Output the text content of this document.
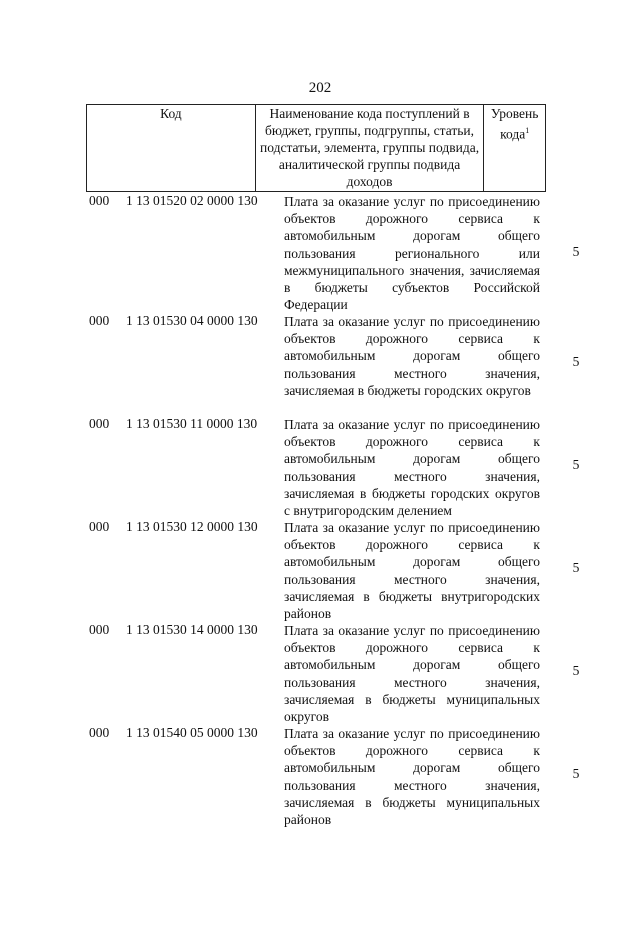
202
Код	Наименование кода поступлений в бюджет, группы, подгруппы, статьи, подстатьи, элемента, группы подвида, аналитической группы подвида доходов	Уровень кода$^1$
000 1 13 01520 02 0000 130 Плата за оказание услуг по присоединению объектов дорожного сервиса к автомобильным дорогам общего пользования регионального или межмуниципального значения, зачисляемая в бюджеты субъектов Российской Федерации

5
000 1 13 01530 04 0000 130 Плата за оказание услуг по присоединению объектов дорожного сервиса к автомобильным дорогам общего пользования местного значения, зачисляемая в бюджеты городских округов

5
000 1 13 01530 11 0000 130 Плата за оказание услуг по присоединению объектов дорожного сервиса к автомобильным дорогам общего пользования местного значения, зачисляемая в бюджеты городских округов с внутригородским делением

5
000 1 13 01530 12 0000 130 Плата за оказание услуг по присоединению объектов дорожного сервиса к автомобильным дорогам общего пользования местного значения, зачисляемая в бюджеты внутригородских районов

5
000 1 13 01530 14 0000 130 Плата за оказание услуг по присоединению объектов дорожного сервиса к автомобильным дорогам общего пользования местного значения, зачисляемая в бюджеты муниципальных округов

5
000 1 13 01540 05 0000 130 Плата за оказание услуг по присоединению объектов дорожного сервиса к автомобильным дорогам общего пользования местного значения, зачисляемая в бюджеты муниципальных районов

5
